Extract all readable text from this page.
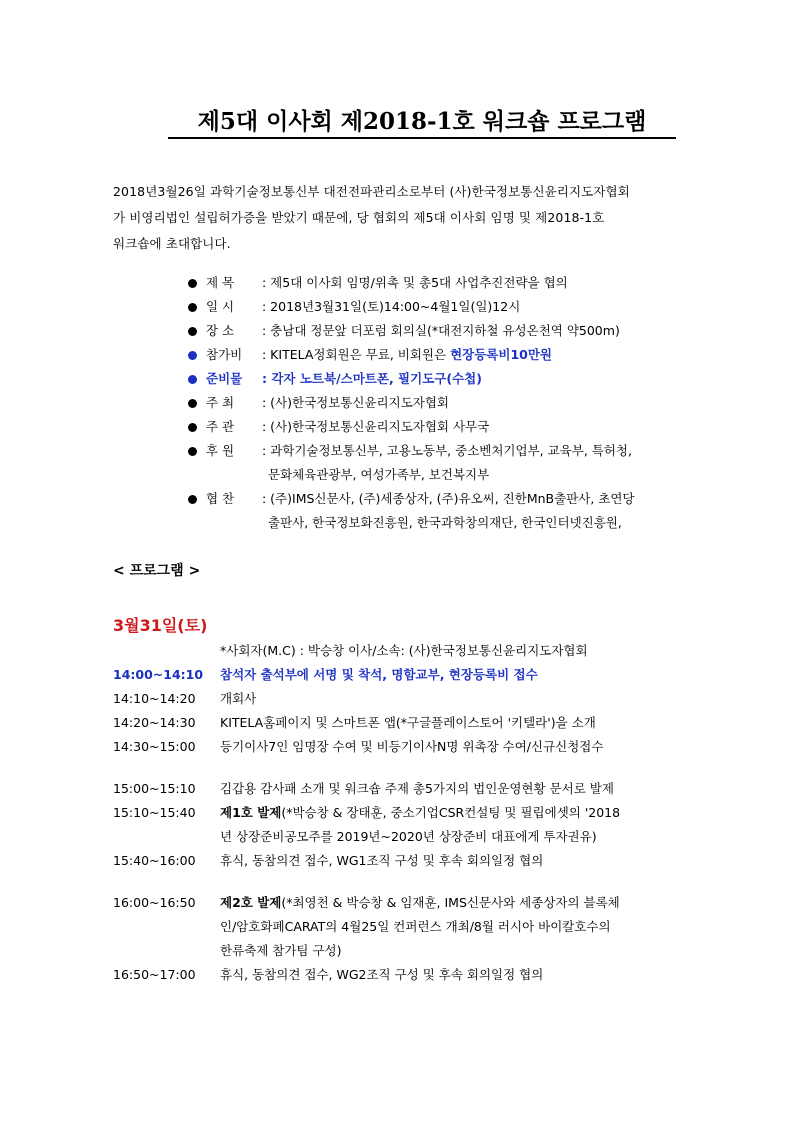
제5대 이사회 제2018-1호 워크숍 프로그램

2018년3월26일 과학기술정보통신부 대전전파관리소로부터 (사)한국정보통신윤리지도자협회

가 비영리법인 설립허가증을 받았기 때문에, 당 협회의 제5대 이사회 임명 및 제2018-1호

워크숍에 초대합니다.

제 목 : 제5대 이사회 임명/위촉 및 총5대 사업추진전략을 협의
일 시 : 2018년3월31일(토)14:00~4월1일(일)12시
장 소 : 충남대 정문앞 더포럼 회의실(*대전지하철 유성온천역 약500m)
참가비 : KITELA정회원은 무료, 비회원은 현장등록비10만원
준비물 : 각자 노트북/스마트폰, 필기도구(수첩)
주 최 : (사)한국정보통신윤리지도자협회
주 관 : (사)한국정보통신윤리지도자협회 사무국
후 원 : 과학기술정보통신부, 고용노동부, 중소벤처기업부, 교육부, 특허청,
문화체육관광부, 여성가족부, 보건복지부
협 찬 : (주)IMS신문사, (주)세종상자, (주)유오씨, 진한MnB출판사, 초연당
출판사, 한국정보화진흥원, 한국과학창의재단, 한국인터넷진흥원,
< 프로그램 >
3월31일(토)
*사회자(M.C) : 박승창 이사/소속: (사)한국정보통신윤리지도자협회
14:00~14:10	참석자 출석부에 서명 및 착석, 명함교부, 현장등록비 접수
14:10~14:20	개회사
14:20~14:30	KITELA홈페이지 및 스마트폰 앱(*구글플레이스토어 '키텔라')을 소개
14:30~15:00	등기이사7인 임명장 수여 및 비등기이사N명 위촉장 수여/신규신청접수
15:00~15:10	김갑용 감사패 소개 및 워크숍 주제 총5가지의 법인운영현황 문서로 발제
15:10~15:40	제1호 발제(*박승창 & 장태훈, 중소기업CSR컨설팅 및 필립에셋의 '2018
년 상장준비공모주를 2019년~2020년 상장준비 대표에게 투자권유)
15:40~16:00	휴식, 동참의견 접수, WG1조직 구성 및 후속 회의일정 협의
16:00~16:50	제2호 발제(*최영천 & 박승창 & 임재훈, IMS신문사와 세종상자의 블록체
인/암호화폐CARAT의 4월25일 컨퍼런스 개최/8월 러시아 바이칼호수의
한류축제 참가팀 구성)
16:50~17:00	휴식, 동참의견 접수, WG2조직 구성 및 후속 회의일정 협의
